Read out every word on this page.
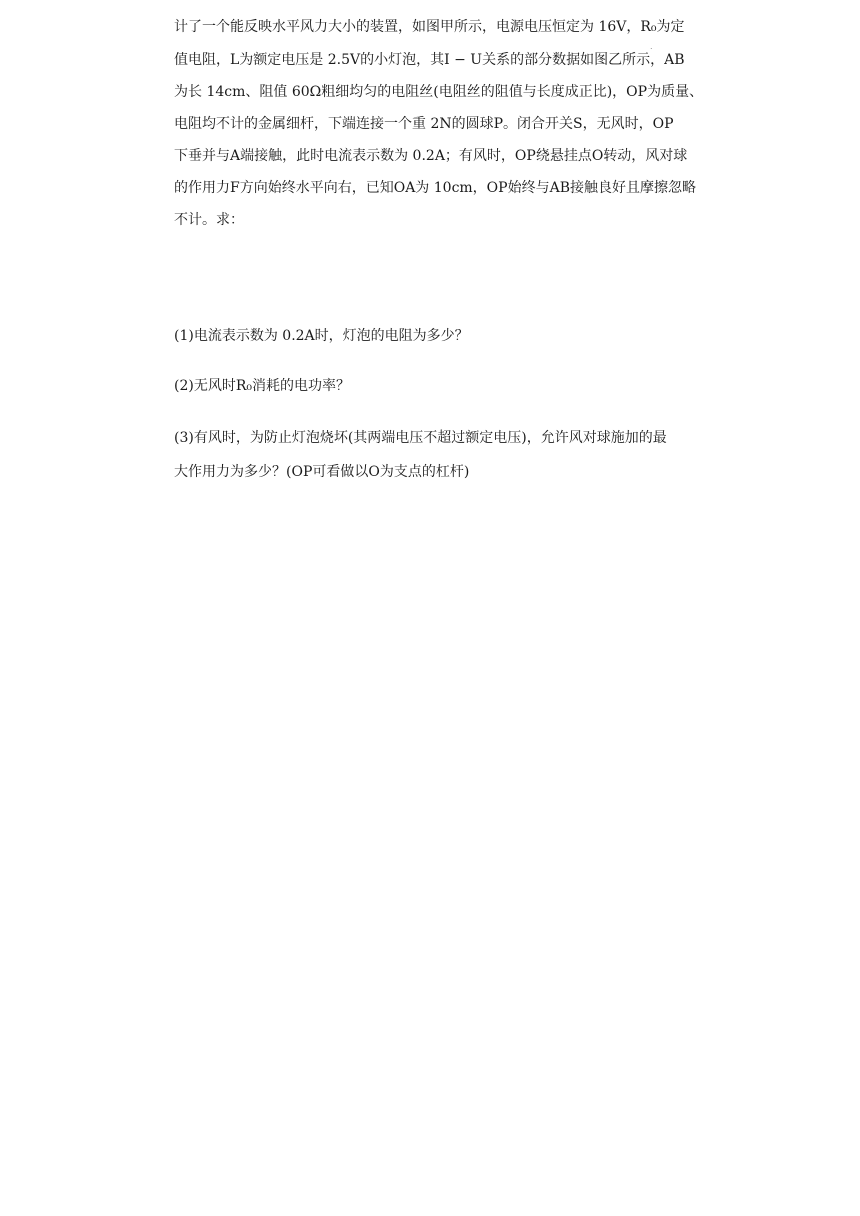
.
计了一个能反映水平风力大小的装置，如图甲所示，电源电压恒定为 16V，R₀为定
值电阻，L为额定电压是 2.5V的小灯泡，其I − U关系的部分数据如图乙所示，AB
为长 14cm、阻值 60Ω粗细均匀的电阻丝(电阻丝的阻值与长度成正比)，OP为质量、
电阻均不计的金属细杆，下端连接一个重 2N的圆球P。闭合开关S，无风时，OP
下垂并与A端接触，此时电流表示数为 0.2A；有风时，OP绕悬挂点O转动，风对球
的作用力F方向始终水平向右，已知OA为 10cm，OP始终与AB接触良好且摩擦忽略
不计。求：
(1)电流表示数为 0.2A时，灯泡的电阻为多少？
(2)无风时R₀消耗的电功率？
(3)有风时，为防止灯泡烧坏(其两端电压不超过额定电压)，允许风对球施加的最
大作用力为多少？(OP可看做以O为支点的杠杆)
